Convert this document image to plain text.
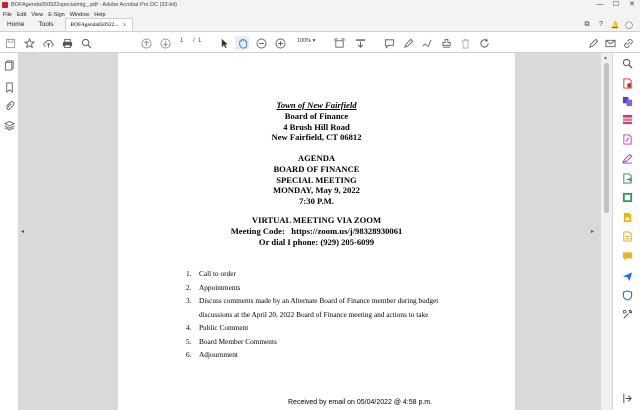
BOFAgenda050922specialmtg_.pdf - Adobe Acrobat Pro DC (32-bit)	—	☐	✕
File Edit View E-Sign Window Help
Home	Tools	BOFAgenda050922... ×	⧉	?	🔔 ◯
1 / 1	100% ▾
◂
Town of New Fairfield
Board of Finance
4 Brush Hill Road
New Fairfield, CT 06812
AGENDA
BOARD OF FINANCE
SPECIAL MEETING
MONDAY, May 9, 2022
7:30 P.M.
VIRTUAL MEETING VIA ZOOM
Meeting Code:   https://zoom.us/j/98328930061
Or dial I phone: (929) 205-6099
1.	Call to order
2.	Appointments
3.	Discuss comments made by an Alternate Board of Finance member during budget
discussions at the April 20, 2022 Board of Finance meeting and actions to take
4.	Public Comment
5.	Board Member Comments
6.	Adjournment
Received by email on 05/04/2022 @ 4:58 p.m.
▸
▲
